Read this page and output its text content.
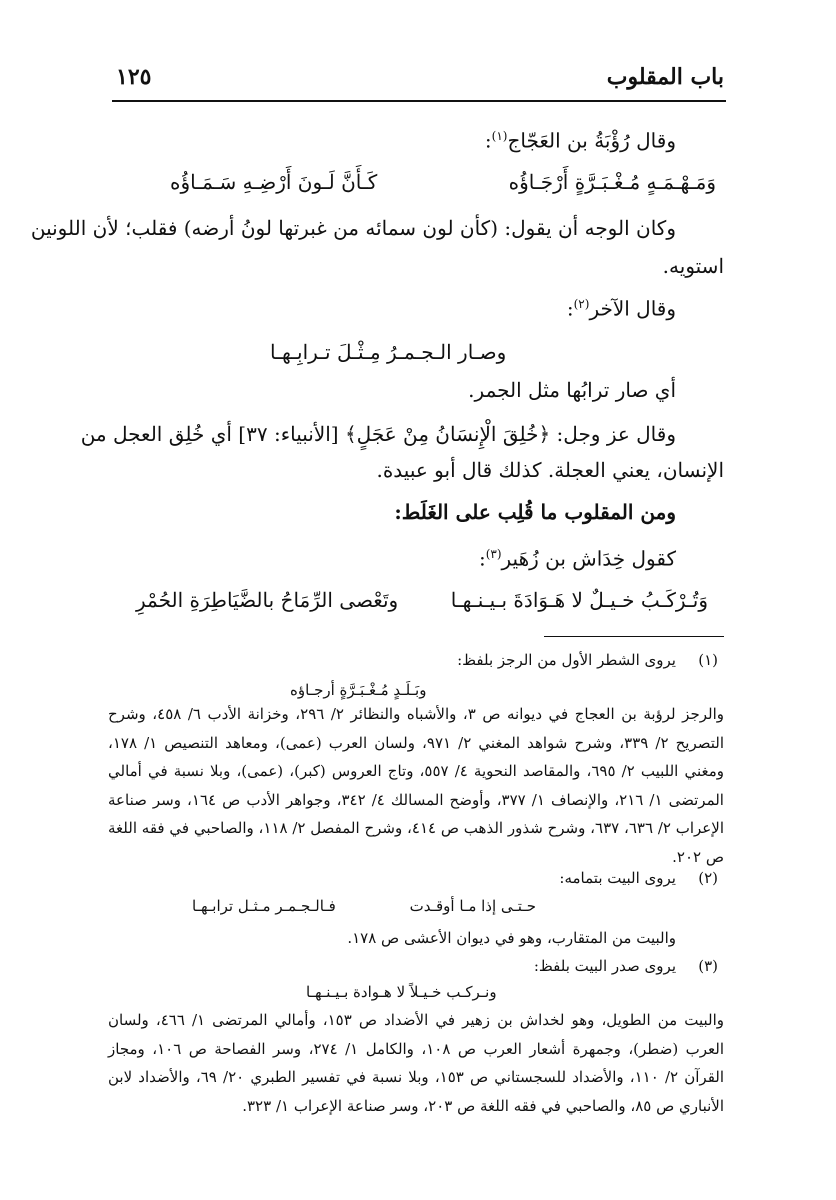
باب المقلوب
١٢٥
وقال رُؤْبَةُ بن العَجّاج$^{(١)}$:
وَمَـهْـمَـهٍ مُـغْـبَـرَّةٍ أَرْجَـاؤُه
كَـأَنَّ لَـونَ أَرْضِـهِ سَـمَـاؤُه
وكان الوجه أن يقول: (كأن لون سمائه من غبرتها لونُ أرضه) فقلب؛ لأن اللونين
استويه.
وقال الآخر$^{(٢)}$:
وصـار الـجـمـرُ مِـثْـلَ تـرابِـهـا
أي صار ترابُها مثل الجمر.
وقال عز وجل: ﴿خُلِقَ الْإِنسَانُ مِنْ عَجَلٍ﴾ [الأنبياء: ٣٧] أي خُلِق العجل من
الإنسان، يعني العجلة. كذلك قال أبو عبيدة.
ومن المقلوب ما قُلِب على الغَلَط:
كقول خِدَاش بن زُهَير$^{(٣)}$:
وَتُـرْكَـبُ خـيـلٌ لا هَـوَادَةَ بـيـنـهـا
وتَعْصى الرِّمَاحُ بالضَّيَاطِرَةِ الحُمْرِ
(١)
يروى الشطر الأول من الرجز بلفظ:
وبَـلَـدٍ مُـغْـبَـرَّةٍ أرجـاؤه
والرجز لرؤبة بن العجاج في ديوانه ص ٣، والأشباه والنظائر ٢/ ٢٩٦، وخزانة الأدب ٦/ ٤٥٨، وشرح التصريح ٢/ ٣٣٩، وشرح شواهد المغني ٢/ ٩٧١، ولسان العرب (عمى)، ومعاهد التنصيص ١/ ١٧٨، ومغني اللبيب ٢/ ٦٩٥، والمقاصد النحوية ٤/ ٥٥٧، وتاج العروس (كبر)، (عمى)، وبلا نسبة في أمالي المرتضى ١/ ٢١٦، والإنصاف ١/ ٣٧٧، وأوضح المسالك ٤/ ٣٤٢، وجواهر الأدب ص ١٦٤، وسر صناعة الإعراب ٢/ ٦٣٦، ٦٣٧، وشرح شذور الذهب ص ٤١٤، وشرح المفصل ٢/ ١١٨، والصاحبي في فقه اللغة ص ٢٠٢.
(٢)
يروى البيت بتمامه:
حـتـى إذا مـا أوقـدت
فـالـجـمـر مـثـل ترابـهـا
والبيت من المتقارب، وهو في ديوان الأعشى ص ١٧٨.
(٣)
يروى صدر البيت بلفظ:
ونـركـب خـيـلاً لا هـوادة بـيـنـهـا
والبيت من الطويل، وهو لخداش بن زهير في الأضداد ص ١٥٣، وأمالي المرتضى ١/ ٤٦٦، ولسان العرب (ضطر)، وجمهرة أشعار العرب ص ١٠٨، والكامل ١/ ٢٧٤، وسر الفصاحة ص ١٠٦، ومجاز القرآن ٢/ ١١٠، والأضداد للسجستاني ص ١٥٣، وبلا نسبة في تفسير الطبري ٢٠/ ٦٩، والأضداد لابن الأنباري ص ٨٥، والصاحبي في فقه اللغة ص ٢٠٣، وسر صناعة الإعراب ١/ ٣٢٣.
